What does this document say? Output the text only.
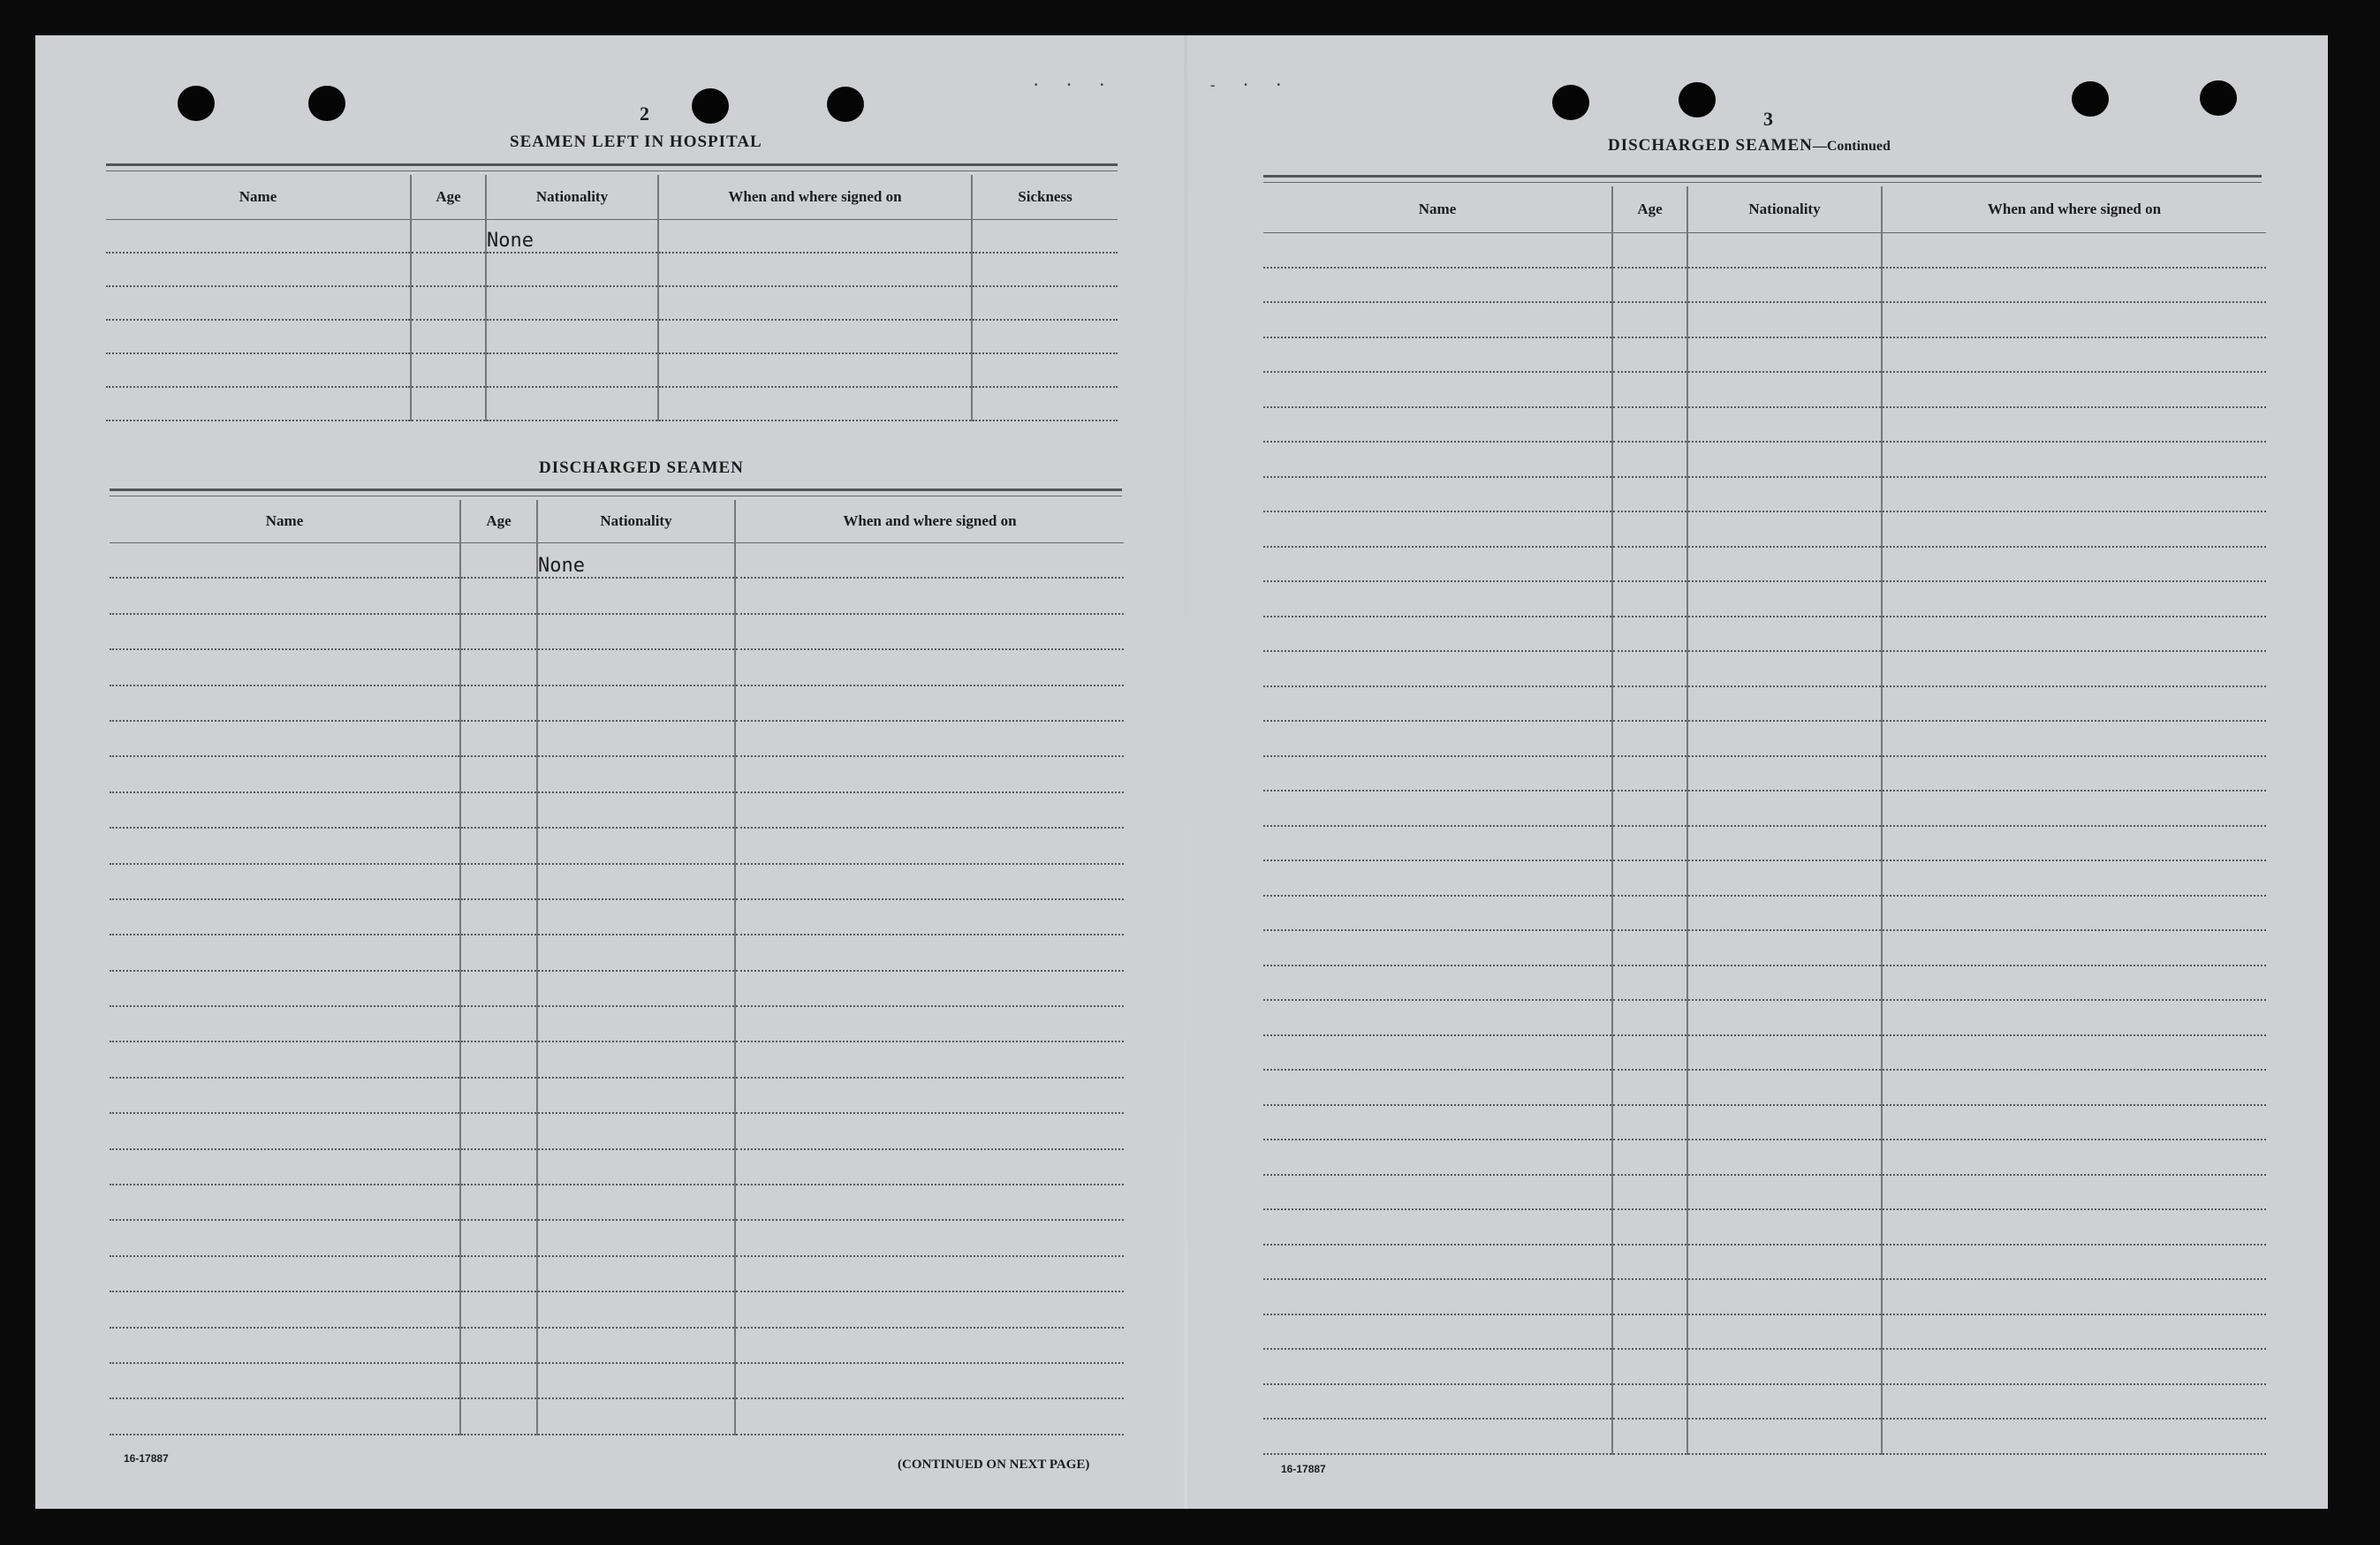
· · ·	- · ·
2
SEAMEN LEFT IN HOSPITAL
Name	Age	Nationality	When and where signed on	Sickness
		None		

DISCHARGED SEAMEN
Name	Age	Nationality	When and where signed on
		None	

16-17887	(CONTINUED ON NEXT PAGE)
3
DISCHARGED SEAMEN—Continued
Name	Age	Nationality	When and where signed on

16-17887
